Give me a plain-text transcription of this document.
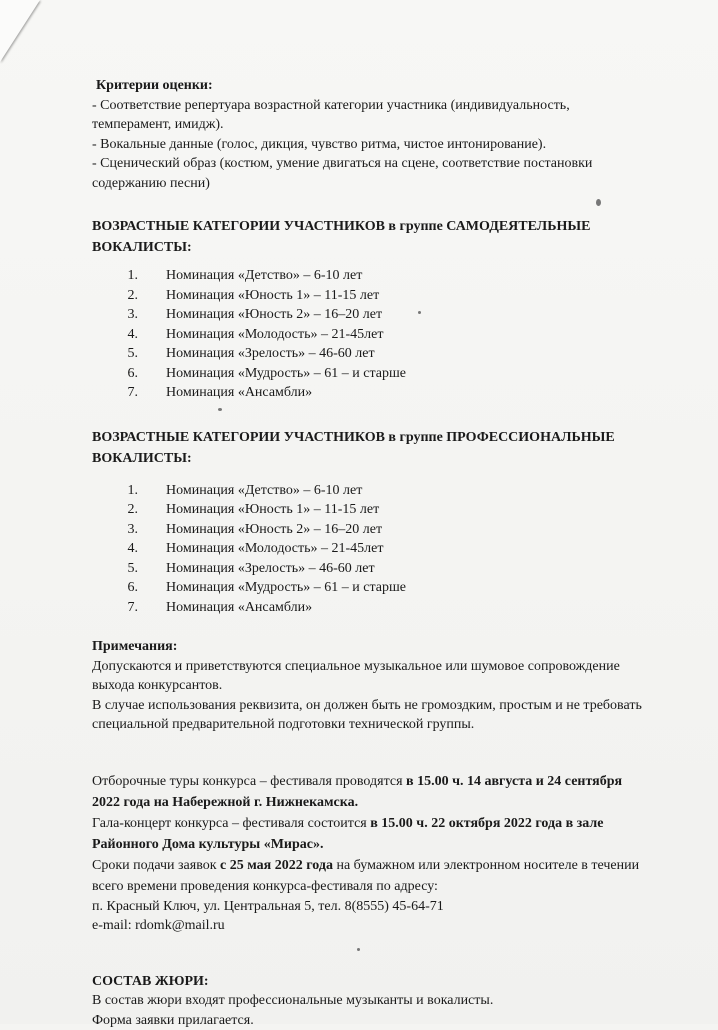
Критерии оценки:

- Соответствие репертуара возрастной категории участника (индивидуальность, темперамент, имидж).

- Вокальные данные (голос, дикция, чувство ритма, чистое интонирование).

- Сценический образ (костюм, умение двигаться на сцене, соответствие постановки содержанию песни)

ВОЗРАСТНЫЕ КАТЕГОРИИ УЧАСТНИКОВ в группе САМОДЕЯТЕЛЬНЫЕ ВОКАЛИСТЫ:

1.	Номинация «Детство» – 6-10 лет
2.	Номинация «Юность 1» – 11-15 лет
3.	Номинация «Юность 2» – 16–20 лет
4.	Номинация «Молодость» – 21-45лет
5.	Номинация «Зрелость» – 46-60 лет
6.	Номинация «Мудрость» – 61 – и старше
7.	Номинация «Ансамбли»

ВОЗРАСТНЫЕ КАТЕГОРИИ УЧАСТНИКОВ в группе ПРОФЕССИОНАЛЬНЫЕ ВОКАЛИСТЫ:

1.	Номинация «Детство» – 6-10 лет
2.	Номинация «Юность 1» – 11-15 лет
3.	Номинация «Юность 2» – 16–20 лет
4.	Номинация «Молодость» – 21-45лет
5.	Номинация «Зрелость» – 46-60 лет
6.	Номинация «Мудрость» – 61 – и старше
7.	Номинация «Ансамбли»

Примечания:

Допускаются и приветствуются специальное музыкальное или шумовое сопровождение выхода конкурсантов.

В случае использования реквизита, он должен быть не громоздким, простым и не требовать специальной предварительной подготовки технической группы.

Отборочные туры конкурса – фестиваля проводятся в 15.00 ч. 14 августа и 24 сентября 2022 года на Набережной г. Нижнекамска.

Гала-концерт конкурса – фестиваля состоится в 15.00 ч. 22 октября 2022 года в зале Районного Дома культуры «Мирас».

Сроки подачи заявок с 25 мая 2022 года на бумажном или электронном носителе в течении всего времени проведения конкурса-фестиваля по адресу:

п. Красный Ключ, ул. Центральная 5, тел. 8(8555) 45-64-71

e-mail: rdomk@mail.ru

СОСТАВ ЖЮРИ:

В состав жюри входят профессиональные музыканты и вокалисты.

Форма заявки прилагается.
